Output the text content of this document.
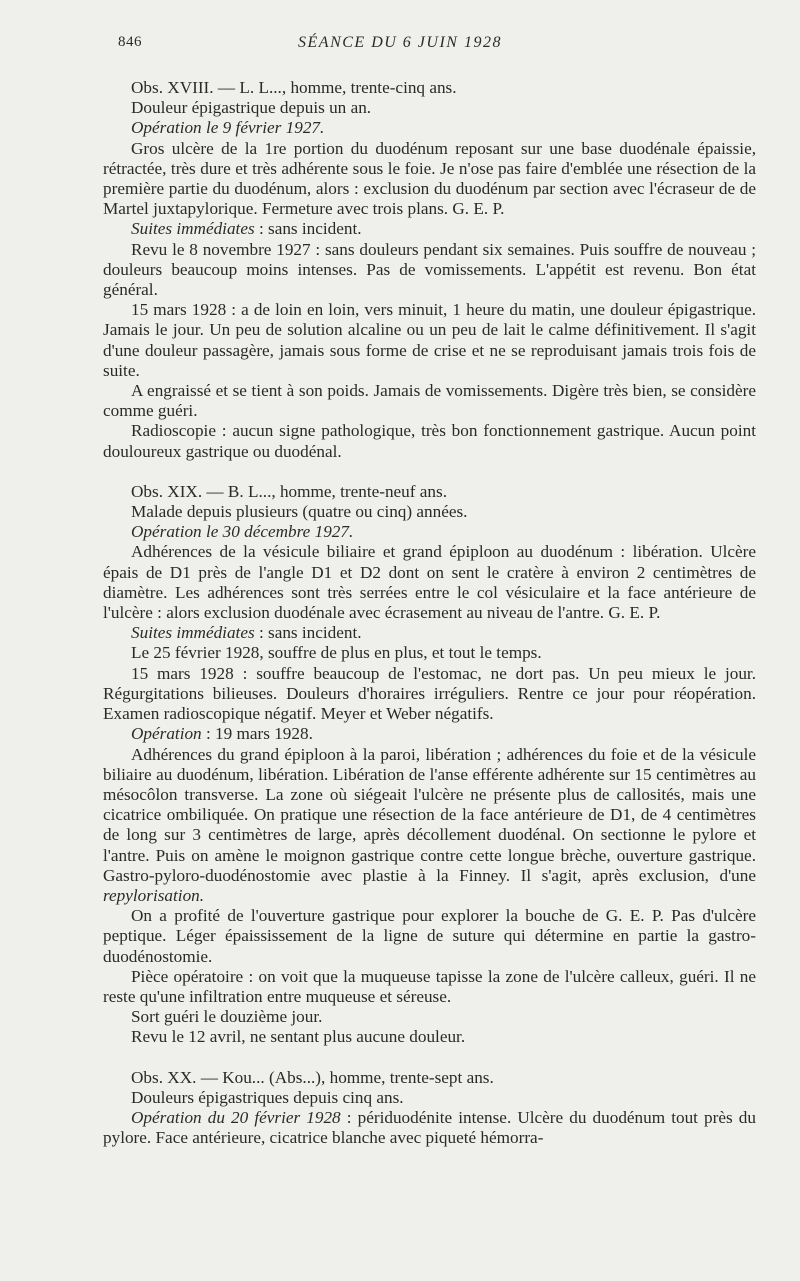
846	SÉANCE DU 6 JUIN 1928

Obs. XVIII. — L. L..., homme, trente-cinq ans.

Douleur épigastrique depuis un an.

Opération le 9 février 1927.

Gros ulcère de la 1re portion du duodénum reposant sur une base duodénale épaissie, rétractée, très dure et très adhérente sous le foie. Je n'ose pas faire d'emblée une résection de la première partie du duodénum, alors : exclusion du duodénum par section avec l'écraseur de de Martel juxtapylorique. Fermeture avec trois plans. G. E. P.

Suites immédiates : sans incident.

Revu le 8 novembre 1927 : sans douleurs pendant six semaines. Puis souffre de nouveau ; douleurs beaucoup moins intenses. Pas de vomissements. L'appétit est revenu. Bon état général.

15 mars 1928 : a de loin en loin, vers minuit, 1 heure du matin, une douleur épigastrique. Jamais le jour. Un peu de solution alcaline ou un peu de lait le calme définitivement. Il s'agit d'une douleur passagère, jamais sous forme de crise et ne se reproduisant jamais trois fois de suite.

A engraissé et se tient à son poids. Jamais de vomissements. Digère très bien, se considère comme guéri.

Radioscopie : aucun signe pathologique, très bon fonctionnement gastrique. Aucun point douloureux gastrique ou duodénal.

Obs. XIX. — B. L..., homme, trente-neuf ans.

Malade depuis plusieurs (quatre ou cinq) années.

Opération le 30 décembre 1927.

Adhérences de la vésicule biliaire et grand épiploon au duodénum : libération. Ulcère épais de D1 près de l'angle D1 et D2 dont on sent le cratère à environ 2 centimètres de diamètre. Les adhérences sont très serrées entre le col vésiculaire et la face antérieure de l'ulcère : alors exclusion duodénale avec écrasement au niveau de l'antre. G. E. P.

Suites immédiates : sans incident.

Le 25 février 1928, souffre de plus en plus, et tout le temps.

15 mars 1928 : souffre beaucoup de l'estomac, ne dort pas. Un peu mieux le jour. Régurgitations bilieuses. Douleurs d'horaires irréguliers. Rentre ce jour pour réopération. Examen radioscopique négatif. Meyer et Weber négatifs.

Opération : 19 mars 1928.

Adhérences du grand épiploon à la paroi, libération ; adhérences du foie et de la vésicule biliaire au duodénum, libération. Libération de l'anse efférente adhérente sur 15 centimètres au mésocôlon transverse. La zone où siégeait l'ulcère ne présente plus de callosités, mais une cicatrice ombiliquée. On pratique une résection de la face antérieure de D1, de 4 centimètres de long sur 3 centimètres de large, après décollement duodénal. On sectionne le pylore et l'antre. Puis on amène le moignon gastrique contre cette longue brèche, ouverture gastrique. Gastro-pyloro-duodénostomie avec plastie à la Finney. Il s'agit, après exclusion, d'une repylorisation.

On a profité de l'ouverture gastrique pour explorer la bouche de G. E. P. Pas d'ulcère peptique. Léger épaississement de la ligne de suture qui détermine en partie la gastro-duodénostomie.

Pièce opératoire : on voit que la muqueuse tapisse la zone de l'ulcère calleux, guéri. Il ne reste qu'une infiltration entre muqueuse et séreuse.

Sort guéri le douzième jour.

Revu le 12 avril, ne sentant plus aucune douleur.

Obs. XX. — Kou... (Abs...), homme, trente-sept ans.

Douleurs épigastriques depuis cinq ans.

Opération du 20 février 1928 : périduodénite intense. Ulcère du duodénum tout près du pylore. Face antérieure, cicatrice blanche avec piqueté hémorra-
